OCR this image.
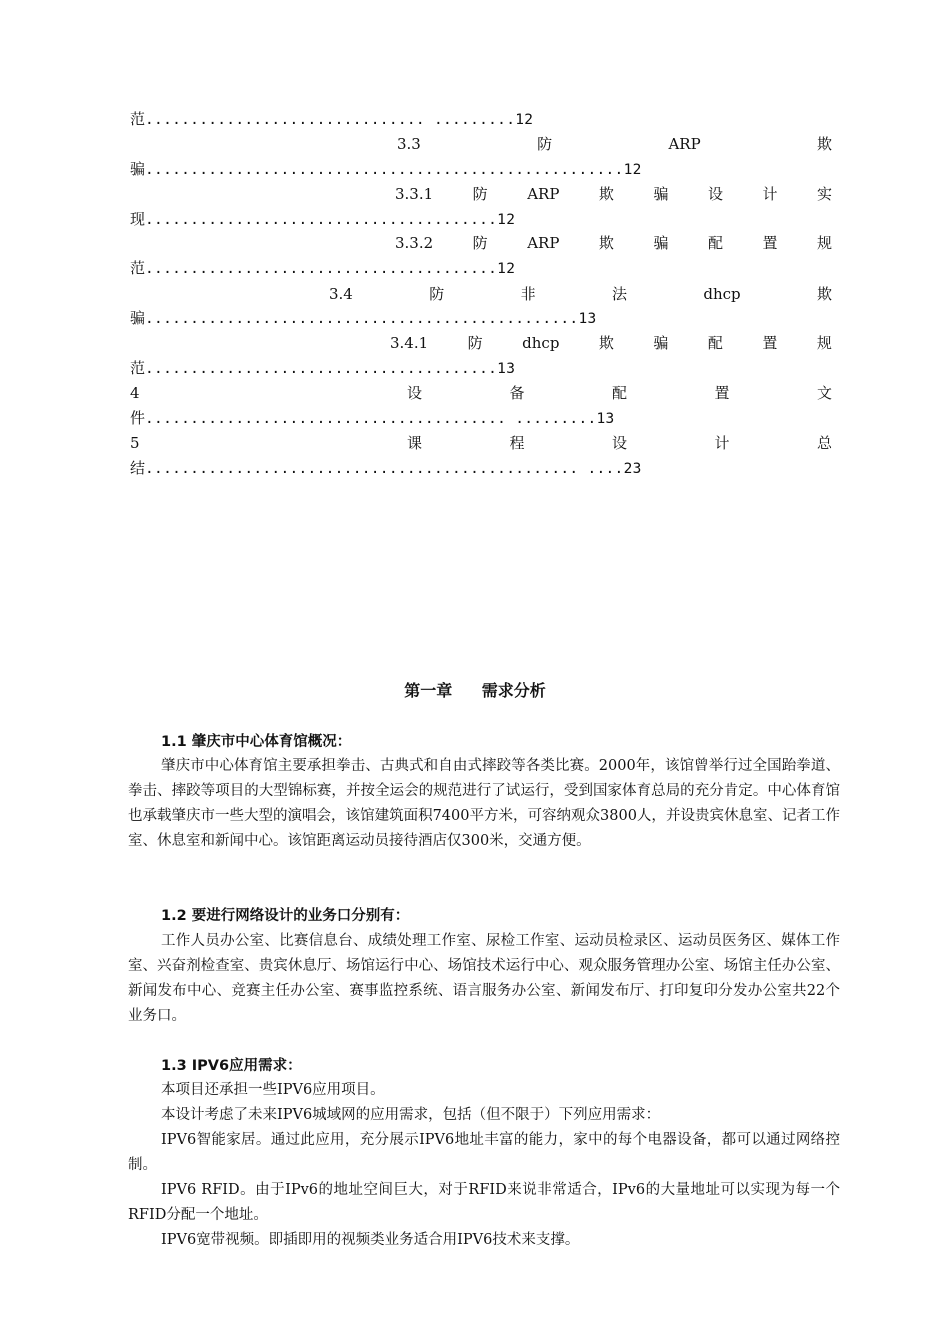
范............................... .........12
3.3	防	ARP	欺
骗.....................................................12
3.3.1	防	ARP	欺	骗	设	计	实
现.......................................12
3.3.2	防	ARP	欺	骗	配	置	规
范.......................................12
3.4	防	非	法	dhcp	欺
骗................................................13
3.4.1	防	dhcp	欺	骗	配	置	规
范.......................................13
4	设	备	配	置	文
件........................................ .........13
5	课	程	设	计	总
结................................................ ....23
第一章 需求分析
1.1 肇庆市中心体育馆概况：
肇庆市中心体育馆主要承担拳击、古典式和自由式摔跤等各类比赛。2000年，该馆曾举行过全国跆拳道、拳击、摔跤等项目的大型锦标赛，并按全运会的规范进行了试运行，受到国家体育总局的充分肯定。中心体育馆也承载肇庆市一些大型的演唱会，该馆建筑面积7400平方米，可容纳观众3800人，并设贵宾休息室、记者工作室、休息室和新闻中心。该馆距离运动员接待酒店仅300米，交通方便。
1.2 要进行网络设计的业务口分别有：
工作人员办公室、比赛信息台、成绩处理工作室、尿检工作室、运动员检录区、运动员医务区、媒体工作室、兴奋剂检查室、贵宾休息厅、场馆运行中心、场馆技术运行中心、观众服务管理办公室、场馆主任办公室、新闻发布中心、竞赛主任办公室、赛事监控系统、语言服务办公室、新闻发布厅、打印复印分发办公室共22个业务口。
1.3 IPV6应用需求：
本项目还承担一些IPV6应用项目。
本设计考虑了未来IPV6城域网的应用需求，包括（但不限于）下列应用需求：
IPV6智能家居。通过此应用，充分展示IPV6地址丰富的能力，家中的每个电器设备，都可以通过网络控制。
IPV6 RFID。由于IPv6的地址空间巨大，对于RFID来说非常适合，IPv6的大量地址可以实现为每一个RFID分配一个地址。
IPV6宽带视频。即插即用的视频类业务适合用IPV6技术来支撑。
